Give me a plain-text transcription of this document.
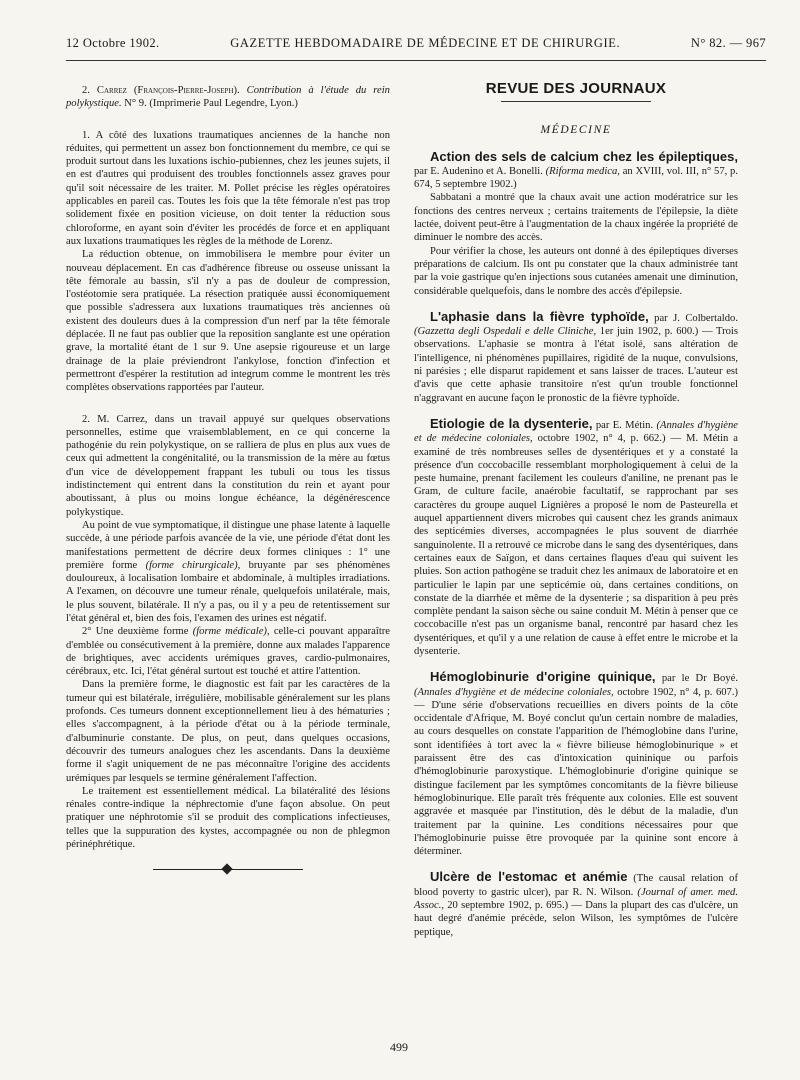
12 Octobre 1902.	GAZETTE HEBDOMADAIRE DE MÉDECINE ET DE CHIRURGIE.	N° 82. — 967

2. Carrez (François-Pierre-Joseph). Contribution à l'étude du rein polykystique. N° 9. (Imprimerie Paul Legendre, Lyon.)

1. A côté des luxations traumatiques anciennes de la hanche non réduites, qui permettent un assez bon fonctionnement du membre, ce qui se produit surtout dans les luxations ischio-pubiennes, chez les jeunes sujets, il en est d'autres qui produisent des troubles fonctionnels assez graves pour qu'il soit nécessaire de les traiter. M. Pollet précise les règles opératoires applicables en pareil cas. Toutes les fois que la tête fémorale n'est pas trop solidement fixée en position vicieuse, on doit tenter la réduction sous chloroforme, en ayant soin d'éviter les procédés de force et en appliquant aux luxations traumatiques les règles de la méthode de Lorenz.

La réduction obtenue, on immobilisera le membre pour éviter un nouveau déplacement. En cas d'adhérence fibreuse ou osseuse unissant la tête fémorale au bassin, s'il n'y a pas de douleur de compression, l'ostéotomie sera pratiquée. La résection pratiquée aussi économiquement que possible s'adressera aux luxations traumatiques très anciennes où existent des douleurs dues à la compression d'un nerf par la tête fémorale déplacée. Il ne faut pas oublier que la reposition sanglante est une opération grave, la mortalité étant de 1 sur 9. Une asepsie rigoureuse et un large drainage de la plaie préviendront l'ankylose, fonction d'infection et permettront d'espérer la restitution ad integrum comme le montrent les très complètes observations rapportées par l'auteur.

2. M. Carrez, dans un travail appuyé sur quelques observations personnelles, estime que vraisemblablement, en ce qui concerne la pathogénie du rein polykystique, on se ralliera de plus en plus aux vues de ceux qui admettent la congénitalité, ou la transmission de la mère au fœtus d'un vice de développement frappant les tubuli ou tous les tissus indistinctement qui entrent dans la constitution du rein et ayant pour aboutissant, à plus ou moins longue échéance, la dégénérescence polykystique.

Au point de vue symptomatique, il distingue une phase latente à laquelle succède, à une période parfois avancée de la vie, une période d'état dont les manifestations permettent de décrire deux formes cliniques : 1° une première forme (forme chirurgicale), bruyante par ses phénomènes douloureux, à localisation lombaire et abdominale, à multiples irradiations. A l'examen, on découvre une tumeur rénale, quelquefois unilatérale, mais, le plus souvent, bilatérale. Il n'y a pas, ou il y a peu de retentissement sur l'état général et, bien des fois, l'examen des urines est négatif.

2° Une deuxième forme (forme médicale), celle-ci pouvant apparaître d'emblée ou consécutivement à la première, donne aux malades l'apparence de brightiques, avec accidents urémiques graves, cardio-pulmonaires, cérébraux, etc. Ici, l'état général surtout est touché et attire l'attention.

Dans la première forme, le diagnostic est fait par les caractères de la tumeur qui est bilatérale, irrégulière, mobilisable généralement sur les plans profonds. Ces tumeurs donnent exceptionnellement lieu à des hématuries ; elles s'accompagnent, à la période d'état ou à la période terminale, d'albuminurie constante. De plus, on peut, dans quelques occasions, découvrir des tumeurs analogues chez les ascendants. Dans la deuxième forme il s'agit uniquement de ne pas méconnaître l'origine des accidents urémiques par lesquels se termine généralement l'affection.

Le traitement est essentiellement médical. La bilatéralité des lésions rénales contre-indique la néphrectomie d'une façon absolue. On peut pratiquer une néphrotomie s'il se produit des complications infectieuses, telles que la suppuration des kystes, accompagnée ou non de phlegmon périnéphrétique.

REVUE DES JOURNAUX
MÉDECINE

Action des sels de calcium chez les épileptiques, par E. Audenino et A. Bonelli. (Riforma medica, an XVIII, vol. III, n° 57, p. 674, 5 septembre 1902.)

Sabbatani a montré que la chaux avait une action modératrice sur les fonctions des centres nerveux ; certains traitements de l'épilepsie, la diète lactée, doivent peut-être à l'augmentation de la chaux ingérée la propriété de diminuer le nombre des accès.

Pour vérifier la chose, les auteurs ont donné à des épileptiques diverses préparations de calcium. Ils ont pu constater que la chaux administrée tant par la voie gastrique qu'en injections sous cutanées amenait une diminution, considérable quelquefois, dans le nombre des accès d'épilepsie.

L'aphasie dans la fièvre typhoïde, par J. Colbertaldo. (Gazzetta degli Ospedali e delle Cliniche, 1er juin 1902, p. 600.) — Trois observations. L'aphasie se montra à l'état isolé, sans altération de l'intelligence, ni phénomènes pupillaires, rigidité de la nuque, convulsions, ni parésies ; elle disparut rapidement et sans laisser de traces. L'auteur est d'avis que cette aphasie transitoire n'est qu'un trouble fonctionnel n'aggravant en aucune façon le pronostic de la fièvre typhoïde.

Etiologie de la dysenterie, par E. Métin. (Annales d'hygiène et de médecine coloniales, octobre 1902, n° 4, p. 662.) — M. Métin a examiné de très nombreuses selles de dysentériques et y a constaté la présence d'un coccobacille ressemblant morphologiquement à celui de la peste humaine, prenant facilement les couleurs d'aniline, ne prenant pas le Gram, de culture facile, anaérobie facultatif, se rapprochant par ses caractères du groupe auquel Lignières a proposé le nom de Pasteurella et auquel appartiennent divers microbes qui causent chez les grands animaux des septicémies diverses, accompagnées le plus souvent de diarrhée sanguinolente. Il a retrouvé ce microbe dans le sang des dysentériques, dans certaines eaux de Saïgon, et dans certaines flaques d'eau qui suivent les pluies. Son action pathogène se traduit chez les animaux de laboratoire et en particulier le lapin par une septicémie où, dans certaines conditions, on constate de la diarrhée et même de la dysenterie ; sa disparition à peu près complète pendant la saison sèche ou saine conduit M. Métin à penser que ce coccobacille n'est pas un organisme banal, rencontré par hasard chez les dysentériques, et qu'il y a une relation de cause à effet entre le microbe et la dysenterie.

Hémoglobinurie d'origine quinique, par le Dr Boyé. (Annales d'hygiène et de médecine coloniales, octobre 1902, n° 4, p. 607.) — D'une série d'observations recueillies en divers points de la côte occidentale d'Afrique, M. Boyé conclut qu'un certain nombre de maladies, au cours desquelles on constate l'apparition de l'hémoglobine dans l'urine, sont identifiées à tort avec la « fièvre bilieuse hémoglobinurique » et paraissent être des cas d'intoxication quininique ou parfois d'hémoglobinurie paroxystique. L'hémoglobinurie d'origine quinique se distingue facilement par les symptômes concomitants de la fièvre bilieuse hémoglobinurique. Elle paraît très fréquente aux colonies. Elle est souvent aggravée et masquée par l'institution, dès le début de la maladie, d'un traitement par la quinine. Les conditions nécessaires pour que l'hémoglobinurie puisse être provoquée par la quinine sont encore à déterminer.

Ulcère de l'estomac et anémie (The causal relation of blood poverty to gastric ulcer), par R. N. Wilson. (Journal of amer. med. Assoc., 20 septembre 1902, p. 695.) — Dans la plupart des cas d'ulcère, un haut degré d'anémie précède, selon Wilson, les symptômes de l'ulcère peptique,

499
